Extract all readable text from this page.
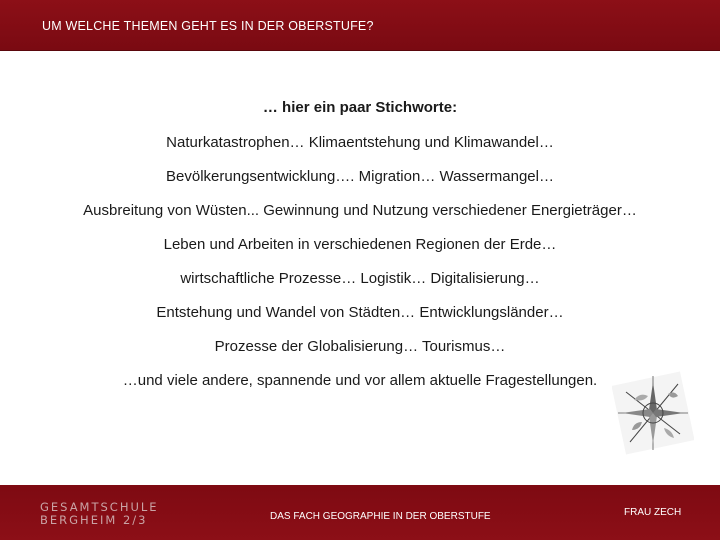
UM WELCHE THEMEN GEHT ES IN DER OBERSTUFE?
… hier ein paar Stichworte:
Naturkatastrophen… Klimaentstehung und Klimawandel…
Bevölkerungsentwicklung…. Migration… Wassermangel…
Ausbreitung von Wüsten... Gewinnung und Nutzung verschiedener Energieträger…
Leben und Arbeiten in verschiedenen Regionen der Erde…
wirtschaftliche Prozesse… Logistik… Digitalisierung…
Entstehung und Wandel von Städten… Entwicklungsländer…
Prozesse der Globalisierung… Tourismus…
…und viele andere, spannende und vor allem aktuelle Fragestellungen.
GESAMTSCHULE
BERGHEIM 2/3	DAS FACH GEOGRAPHIE IN DER OBERSTUFE	FRAU ZECH
